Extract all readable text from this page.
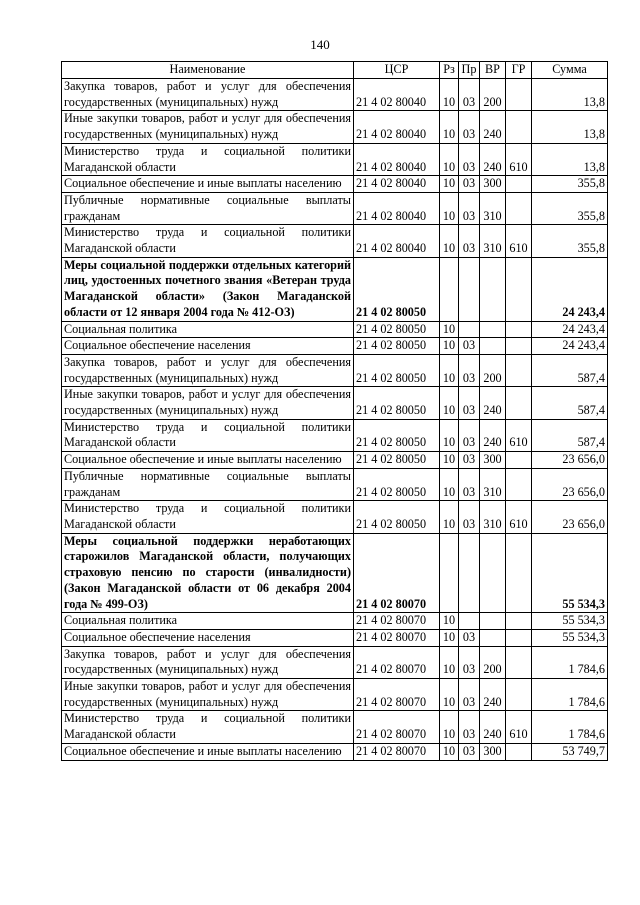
140
Наименование	ЦСР	Рз	Пр	ВР	ГР	Сумма
Закупка товаров, работ и услуг для обеспечения государственных (муниципальных) нужд	21 4 02 80040	10	03	200		13,8
Иные закупки товаров, работ и услуг для обеспечения государственных (муниципальных) нужд	21 4 02 80040	10	03	240		13,8
Министерство труда и социальной политики Магаданской области	21 4 02 80040	10	03	240	610	13,8
Социальное обеспечение и иные выплаты населению	21 4 02 80040	10	03	300		355,8
Публичные нормативные социальные выплаты гражданам	21 4 02 80040	10	03	310		355,8
Министерство труда и социальной политики Магаданской области	21 4 02 80040	10	03	310	610	355,8
Меры социальной поддержки отдельных категорий лиц, удостоенных почетного звания «Ветеран труда Магаданской области» (Закон Магаданской области от 12 января 2004 года № 412-ОЗ)	21 4 02 80050					24 243,4
Социальная политика	21 4 02 80050	10				24 243,4
Социальное обеспечение населения	21 4 02 80050	10	03			24 243,4
Закупка товаров, работ и услуг для обеспечения государственных (муниципальных) нужд	21 4 02 80050	10	03	200		587,4
Иные закупки товаров, работ и услуг для обеспечения государственных (муниципальных) нужд	21 4 02 80050	10	03	240		587,4
Министерство труда и социальной политики Магаданской области	21 4 02 80050	10	03	240	610	587,4
Социальное обеспечение и иные выплаты населению	21 4 02 80050	10	03	300		23 656,0
Публичные нормативные социальные выплаты гражданам	21 4 02 80050	10	03	310		23 656,0
Министерство труда и социальной политики Магаданской области	21 4 02 80050	10	03	310	610	23 656,0
Меры социальной поддержки неработающих старожилов Магаданской области, получающих страховую пенсию по старости (инвалидности) (Закон Магаданской области от 06 декабря 2004 года № 499-ОЗ)	21 4 02 80070					55 534,3
Социальная политика	21 4 02 80070	10				55 534,3
Социальное обеспечение населения	21 4 02 80070	10	03			55 534,3
Закупка товаров, работ и услуг для обеспечения государственных (муниципальных) нужд	21 4 02 80070	10	03	200		1 784,6
Иные закупки товаров, работ и услуг для обеспечения государственных (муниципальных) нужд	21 4 02 80070	10	03	240		1 784,6
Министерство труда и социальной политики Магаданской области	21 4 02 80070	10	03	240	610	1 784,6
Социальное обеспечение и иные выплаты населению	21 4 02 80070	10	03	300		53 749,7
